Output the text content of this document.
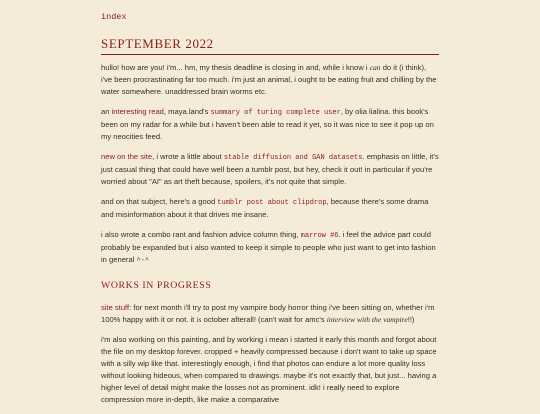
index
SEPTEMBER 2022

hullo! how are you! i'm... hm, my thesis deadline is closing in and, while i know i can do it (i think), i've been procrastinating far too much. i'm just an animal, i ought to be eating fruit and chilling by the water somewhere. unaddressed brain worms etc.

an interesting read, maya.land's summary of turing complete user, by olia lialina. this book's been on my radar for a while but i haven't been able to read it yet, so it was nice to see it pop up on my neocities feed.

new on the site, i wrote a little about stable diffusion and GAN datasets. emphasis on little, it's just casual thing that could have well been a tumblr post, but hey, check it out! in particular if you're worried about "AI" as art theft because, spoilers, it's not quite that simple.

and on that subject, here's a good tumblr post about clipdrop, because there's some drama and misinformation about it that drives me insane.

i also wrote a combo rant and fashion advice column thing, marrow #6. i feel the advice part could probably be expanded but i also wanted to keep it simple to people who just want to get into fashion in general ^-^

WORKS IN PROGRESS

site stuff: for next month i'll try to post my vampire body horror thing i've been sitting on, whether i'm 100% happy with it or not. it is october afterall! (can't wait for amc's interview with the vampire!!)

i'm also working on this painting, and by working i mean i started it early this month and forgot about the file on my desktop forever. cropped + heavily compressed because i don't want to take up space with a silly wip like that. interestingly enough, i find that photos can endure a lot more quality loss without looking hideous, when compared to drawings. maybe it's not exactly that, but just... having a higher level of detail might make the losses not as prominent. idk! i really need to explore compression more in-depth, like make a comparative
